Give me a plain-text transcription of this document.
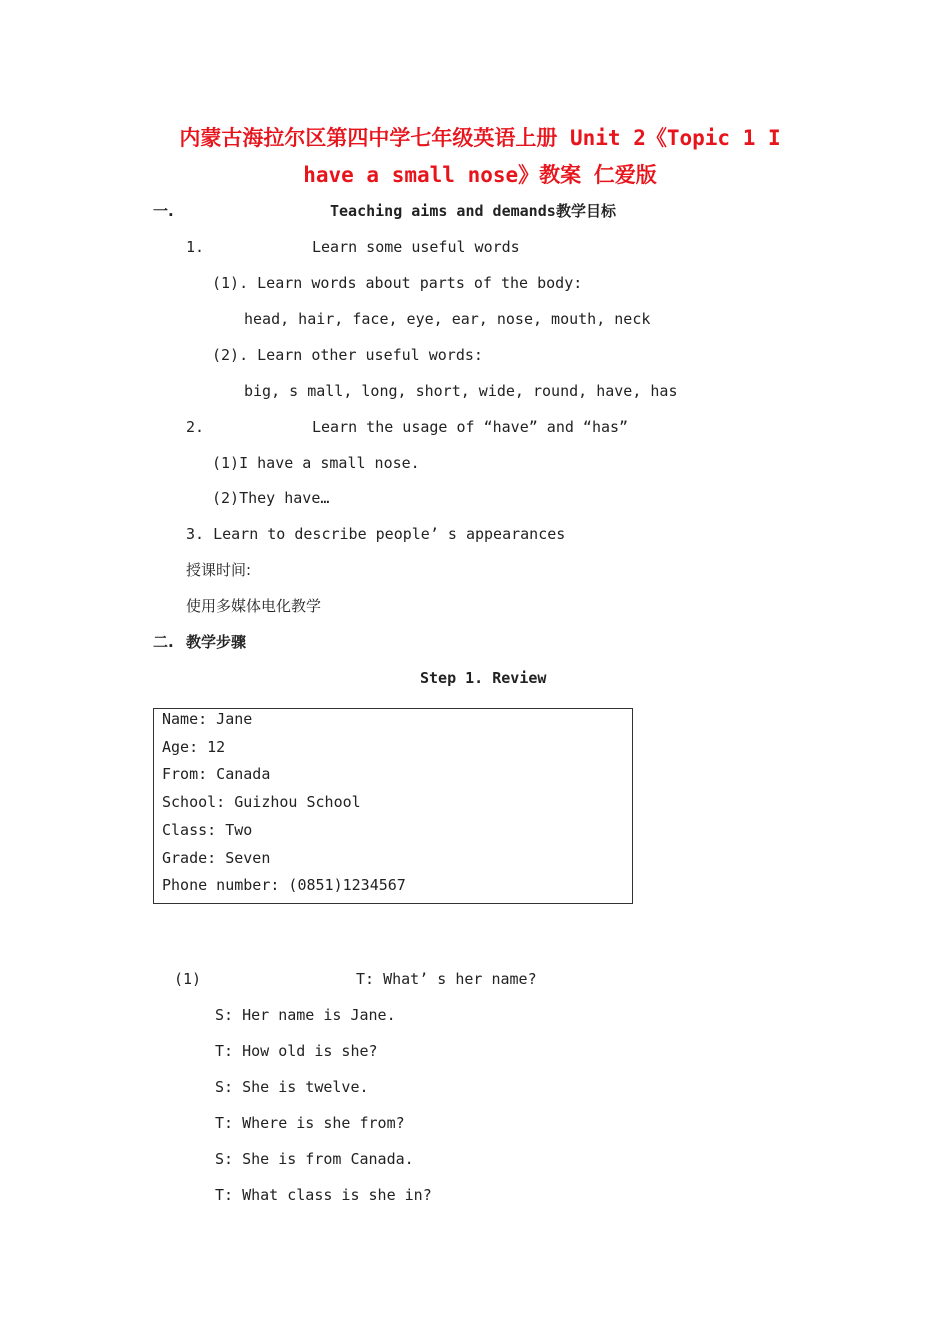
内蒙古海拉尔区第四中学七年级英语上册 Unit 2《Topic 1 I
have a small nose》教案 仁爱版
一.	Teaching aims and demands 教学目标
1.	Learn some useful words
(1). Learn words about parts of the body:
head, hair, face, eye, ear, nose, mouth, neck
(2). Learn other useful words:
big, s mall, long, short, wide, round, have, has
2.	Learn the usage of “have” and “has”
(1)I have a small nose.
(2)They have…
3. Learn to describe people’ s appearances
授课时间:
使用多媒体电化教学
二. 教学步骤
Step 1. Review
Name: Jane
Age: 12
From: Canada
School: Guizhou School
Class: Two
Grade: Seven
Phone number: (0851)1234567
(1)	T: What’ s her name?
S: Her name is Jane.
T: How old is she?
S: She is twelve.
T: Where is she from?
S: She is from Canada.
T: What class is she in?
